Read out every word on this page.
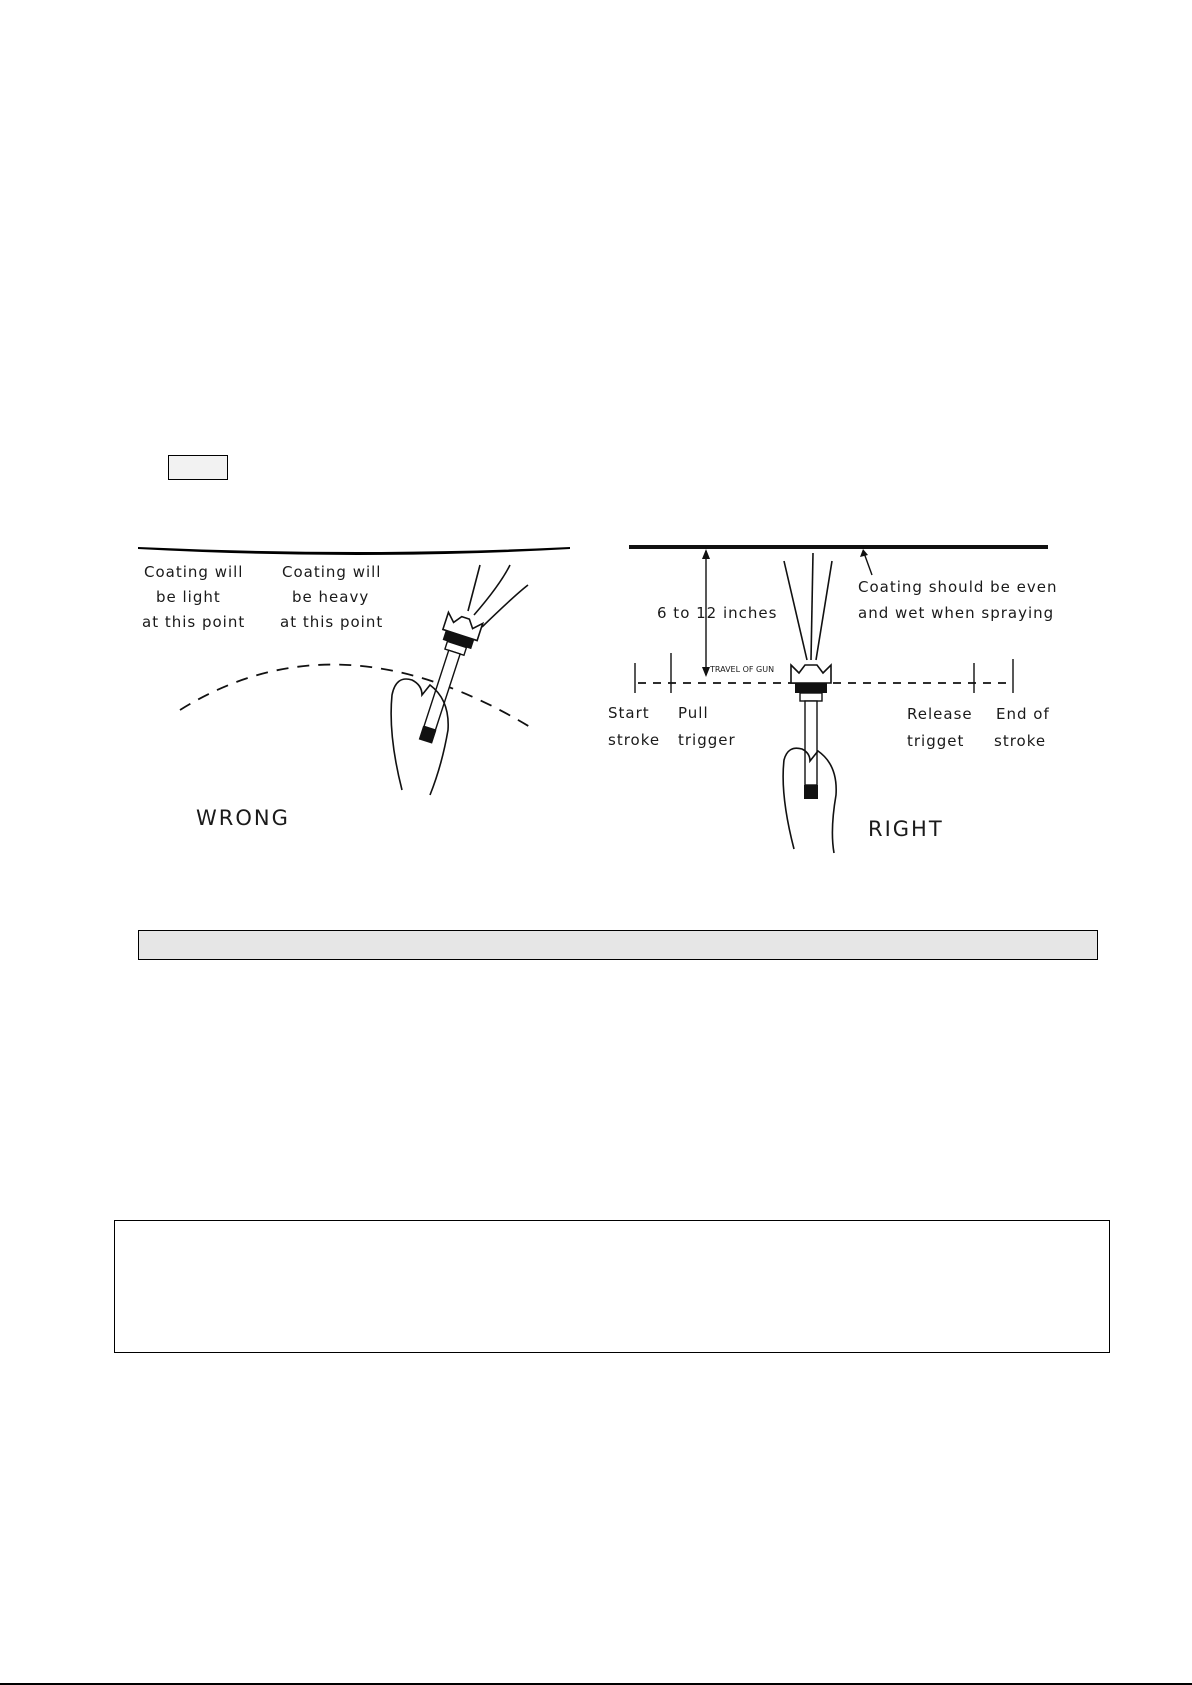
Coating will
be light
at this point
Coating will
be heavy
at this point
WRONG
6 to 12 inches
Coating should be even
and wet when spraying
TRAVEL OF GUN
Start
stroke
Pull
trigger
Release
trigget
End of
stroke
RIGHT
